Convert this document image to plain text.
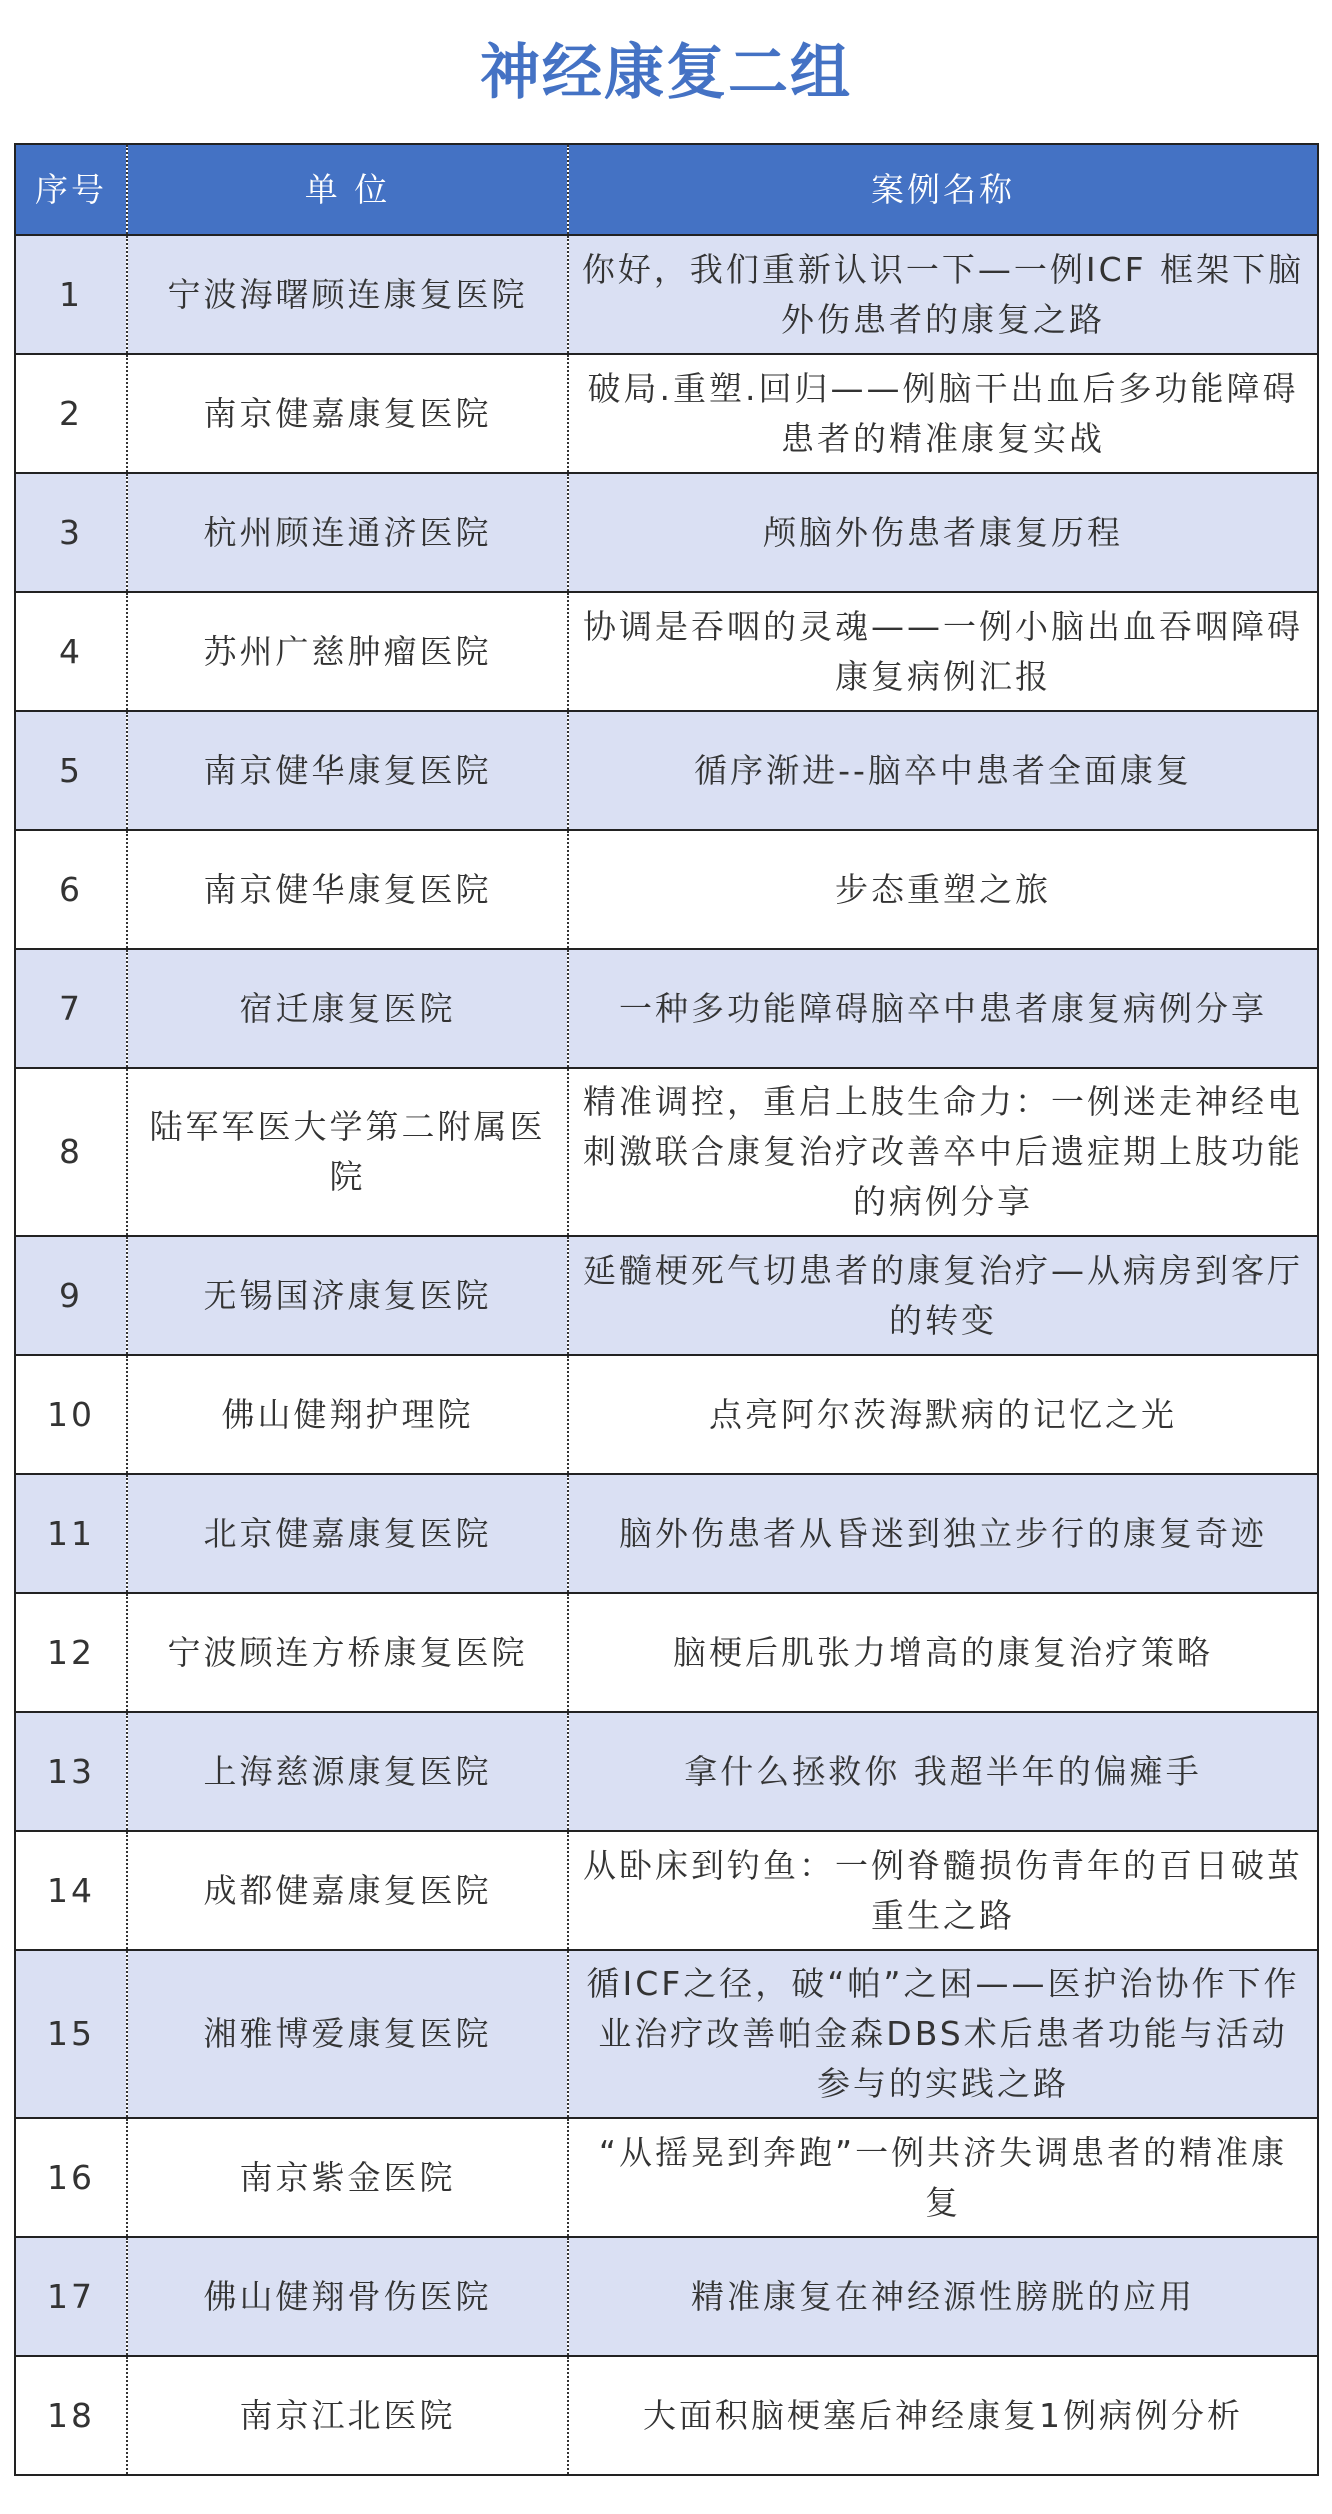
神经康复二组
序号	单 位	案例名称
1	宁波海曙顾连康复医院	你好，我们重新认识一下—一例ICF 框架下脑外伤患者的康复之路
2	南京健嘉康复医院	破局.重塑.回归——例脑干出血后多功能障碍患者的精准康复实战
3	杭州顾连通济医院	颅脑外伤患者康复历程
4	苏州广慈肿瘤医院	协调是吞咽的灵魂——一例小脑出血吞咽障碍康复病例汇报
5	南京健华康复医院	循序渐进--脑卒中患者全面康复
6	南京健华康复医院	步态重塑之旅
7	宿迁康复医院	一种多功能障碍脑卒中患者康复病例分享
8	陆军军医大学第二附属医院	精准调控，重启上肢生命力：一例迷走神经电刺激联合康复治疗改善卒中后遗症期上肢功能的病例分享
9	无锡国济康复医院	延髓梗死气切患者的康复治疗—从病房到客厅的转变
10	佛山健翔护理院	点亮阿尔茨海默病的记忆之光
11	北京健嘉康复医院	脑外伤患者从昏迷到独立步行的康复奇迹
12	宁波顾连方桥康复医院	脑梗后肌张力增高的康复治疗策略
13	上海慈源康复医院	拿什么拯救你 我超半年的偏瘫手
14	成都健嘉康复医院	从卧床到钓鱼：一例脊髓损伤青年的百日破茧重生之路
15	湘雅博爱康复医院	循ICF之径，破“帕”之困——医护治协作下作业治疗改善帕金森DBS术后患者功能与活动参与的实践之路
16	南京紫金医院	“从摇晃到奔跑”一例共济失调患者的精准康复
17	佛山健翔骨伤医院	精准康复在神经源性膀胱的应用
18	南京江北医院	大面积脑梗塞后神经康复1例病例分析
